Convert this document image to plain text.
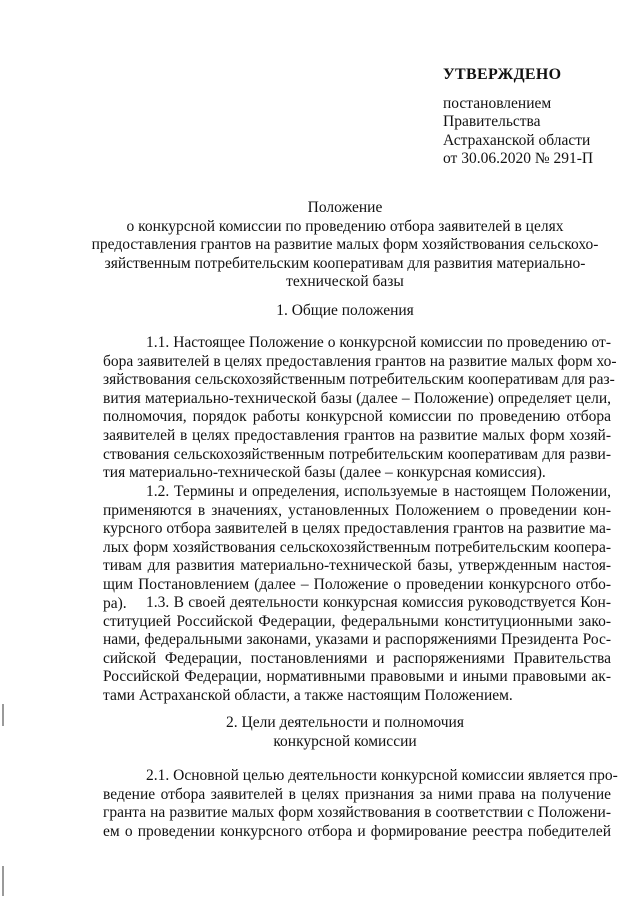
УТВЕРЖДЕНО
постановлением
Правительства
Астраханской области
от 30.06.2020 № 291-П
Положение
о конкурсной комиссии по проведению отбора заявителей в целях
предоставления грантов на развитие малых форм хозяйствования сельскохо-
зяйственным потребительским кооперативам для развития материально-
технической базы
1. Общие положения
1.1. Настоящее Положение о конкурсной комиссии по проведению от-
бора заявителей в целях предоставления грантов на развитие малых форм хо-
зяйствования сельскохозяйственным потребительским кооперативам для раз-
вития материально-технической базы (далее – Положение) определяет цели,
полномочия, порядок работы конкурсной комиссии по проведению отбора
заявителей в целях предоставления грантов на развитие малых форм хозяй-
ствования сельскохозяйственным потребительским кооперативам для разви-
тия материально-технической базы (далее – конкурсная комиссия).
1.2. Термины и определения, используемые в настоящем Положении,
применяются в значениях, установленных Положением о проведении кон-
курсного отбора заявителей в целях предоставления грантов на развитие ма-
лых форм хозяйствования сельскохозяйственным потребительским коопера-
тивам для развития материально-технической базы, утвержденным настоя-
щим Постановлением (далее – Положение о проведении конкурсного отбо-
ра).	1.3. В своей деятельности конкурсная комиссия руководствуется Кон-
ституцией Российской Федерации, федеральными конституционными зако-
нами, федеральными законами, указами и распоряжениями Президента Рос-
сийской Федерации, постановлениями и распоряжениями Правительства
Российской Федерации, нормативными правовыми и иными правовыми ак-
тами Астраханской области, а также настоящим Положением.
2. Цели деятельности и полномочия
конкурсной комиссии
2.1. Основной целью деятельности конкурсной комиссии является про-
ведение отбора заявителей в целях признания за ними права на получение
гранта на развитие малых форм хозяйствования в соответствии с Положени-
ем о проведении конкурсного отбора и формирование реестра победителей
